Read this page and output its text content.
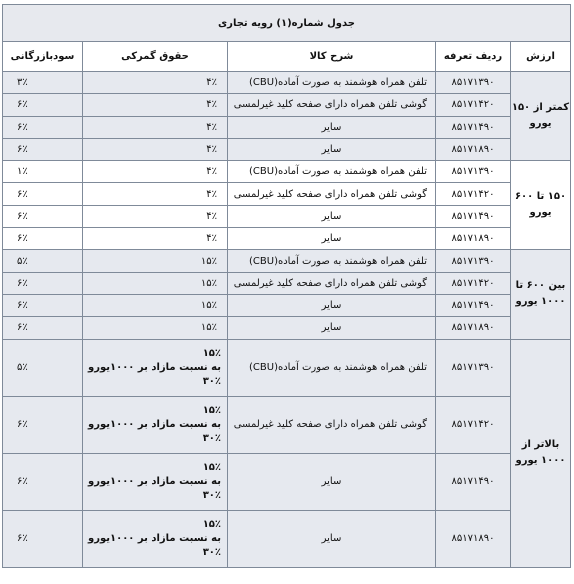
جدول شماره(۱) رویه تجاری				
ارزش	ردیف تعرفه	شرح کالا	حقوق گمرکی	سودبازرگانی
کمتر از ۱۵۰ یورو	۸۵۱۷۱۳۹۰	تلفن همراه هوشمند به صورت آماده(CBU)	۴٪	۳٪
	۸۵۱۷۱۴۲۰	گوشی تلفن همراه دارای صفحه کلید غیرلمسی	۴٪	۶٪
	۸۵۱۷۱۴۹۰	سایر	۴٪	۶٪
	۸۵۱۷۱۸۹۰	سایر	۴٪	۶٪
۱۵۰ تا ۶۰۰ یورو	۸۵۱۷۱۳۹۰	تلفن همراه هوشمند به صورت آماده(CBU)	۴٪	۱٪
	۸۵۱۷۱۴۲۰	گوشی تلفن همراه دارای صفحه کلید غیرلمسی	۴٪	۶٪
	۸۵۱۷۱۴۹۰	سایر	۴٪	۶٪
	۸۵۱۷۱۸۹۰	سایر	۴٪	۶٪
بین ۶۰۰ تا ۱۰۰۰ یورو	۸۵۱۷۱۳۹۰	تلفن همراه هوشمند به صورت آماده(CBU)	۱۵٪	۵٪
	۸۵۱۷۱۴۲۰	گوشی تلفن همراه دارای صفحه کلید غیرلمسی	۱۵٪	۶٪
	۸۵۱۷۱۴۹۰	سایر	۱۵٪	۶٪
	۸۵۱۷۱۸۹۰	سایر	۱۵٪	۶٪
بالاتر از ۱۰۰۰ یورو	۸۵۱۷۱۳۹۰	تلفن همراه هوشمند به صورت آماده(CBU)	۱۵٪
به نسبت مازاد بر ۱۰۰۰یورو
۳۰٪	۵٪
	۸۵۱۷۱۴۲۰	گوشی تلفن همراه دارای صفحه کلید غیرلمسی	۱۵٪
به نسبت مازاد بر ۱۰۰۰یورو
۳۰٪	۶٪
	۸۵۱۷۱۴۹۰	سایر	۱۵٪
به نسبت مازاد بر ۱۰۰۰یورو
۳۰٪	۶٪
	۸۵۱۷۱۸۹۰	سایر	۱۵٪
به نسبت مازاد بر ۱۰۰۰یورو
۳۰٪	۶٪
